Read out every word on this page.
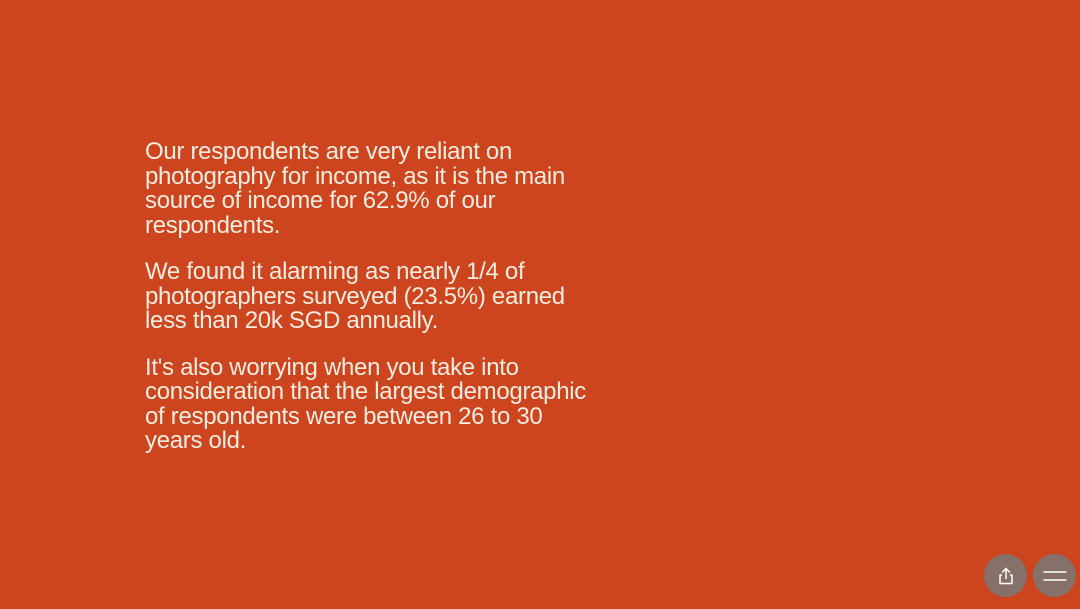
Our respondents are very reliant on photography for income, as it is the main source of income for 62.9% of our respondents.

We found it alarming as nearly 1/4 of photographers surveyed (23.5%) earned less than 20k SGD annually.

It's also worrying when you take into consideration that the largest demographic of respondents were between 26 to 30 years old.
